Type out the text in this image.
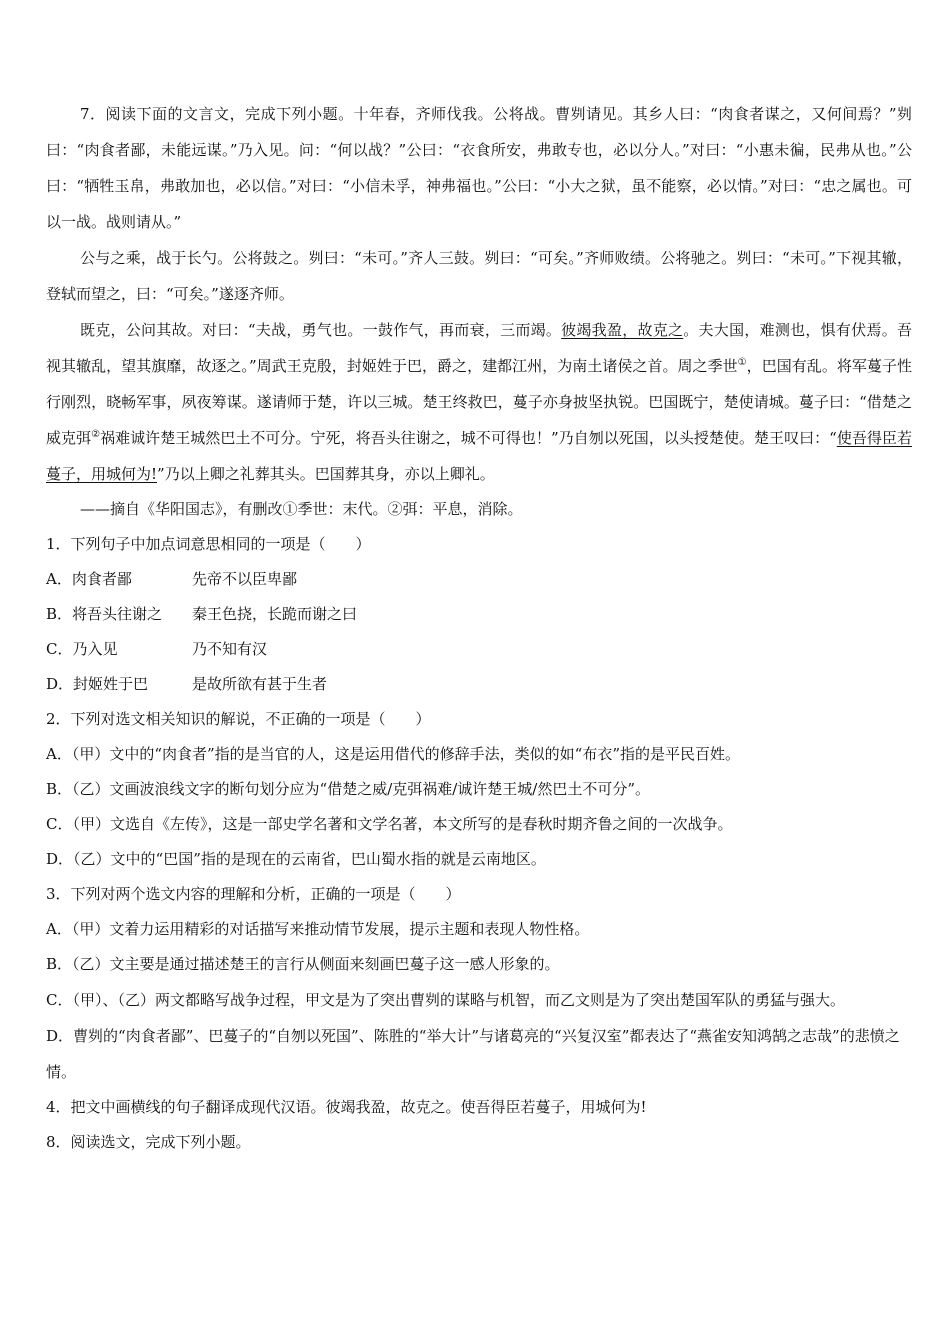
7．阅读下面的文言文，完成下列小题。十年春，齐师伐我。公将战。曹刿请见。其乡人曰：“肉食者谋之，又何间焉？”刿曰：“肉食者鄙，未能远谋。”乃入见。问：“何以战？”公曰：“衣食所安，弗敢专也，必以分人。”对曰：“小惠未徧，民弗从也。”公曰：“牺牲玉帛，弗敢加也，必以信。”对曰：“小信未孚，神弗福也。”公曰：“小大之狱，虽不能察，必以情。”对曰：“忠之属也。可以一战。战则请从。”

公与之乘，战于长勺。公将鼓之。刿曰：“未可。”齐人三鼓。刿曰：“可矣。”齐师败绩。公将驰之。刿曰：“未可。”下视其辙，登轼而望之，曰：“可矣。”遂逐齐师。

既克，公问其故。对曰：“夫战，勇气也。一鼓作气，再而衰，三而竭。彼竭我盈，故克之。夫大国，难测也，惧有伏焉。吾视其辙乱，望其旗靡，故逐之。”周武王克殷，封姬姓于巴，爵之，建都江州，为南土诸侯之首。周之季世①，巴国有乱。将军蔓子性行刚烈，晓畅军事，夙夜筹谋。遂请师于楚，许以三城。楚王终救巴，蔓子亦身披坚执锐。巴国既宁，楚使请城。蔓子曰：“借楚之威克弭②祸难诚许楚王城然巴土不可分。宁死，将吾头往谢之，城不可得也！”乃自刎以死国，以头授楚使。楚王叹曰：“使吾得臣若蔓子，用城何为!”乃以上卿之礼葬其头。巴国葬其身，亦以上卿礼。

——摘自《华阳国志》，有删改①季世：末代。②弭：平息，消除。

1．下列句子中加点词意思相同的一项是（　　）

A．肉食者鄙	先帝不以臣卑鄙
B．将吾头往谢之	秦王色挠，长跪而谢之曰
C．乃入见	乃不知有汉
D．封姬姓于巴	是故所欲有甚于生者

2．下列对选文相关知识的解说，不正确的一项是（　　）

A．（甲）文中的“肉食者”指的是当官的人，这是运用借代的修辞手法，类似的如“布衣”指的是平民百姓。

B．（乙）文画波浪线文字的断句划分应为“借楚之威/克弭祸难/诚许楚王城/然巴土不可分”。

C．（甲）文选自《左传》，这是一部史学名著和文学名著，本文所写的是春秋时期齐鲁之间的一次战争。

D．（乙）文中的“巴国”指的是现在的云南省，巴山蜀水指的就是云南地区。

3．下列对两个选文内容的理解和分析，正确的一项是（　　）

A．（甲）文着力运用精彩的对话描写来推动情节发展，提示主题和表现人物性格。

B．（乙）文主要是通过描述楚王的言行从侧面来刻画巴蔓子这一感人形象的。

C．（甲）、（乙）两文都略写战争过程，甲文是为了突出曹刿的谋略与机智，而乙文则是为了突出楚国军队的勇猛与强大。

D．曹刿的“肉食者鄙”、巴蔓子的“自刎以死国”、陈胜的“举大计”与诸葛亮的“兴复汉室”都表达了“燕雀安知鸿鹄之志哉”的悲愤之情。

4．把文中画横线的句子翻译成现代汉语。彼竭我盈，故克之。使吾得臣若蔓子，用城何为!

8．阅读选文，完成下列小题。
